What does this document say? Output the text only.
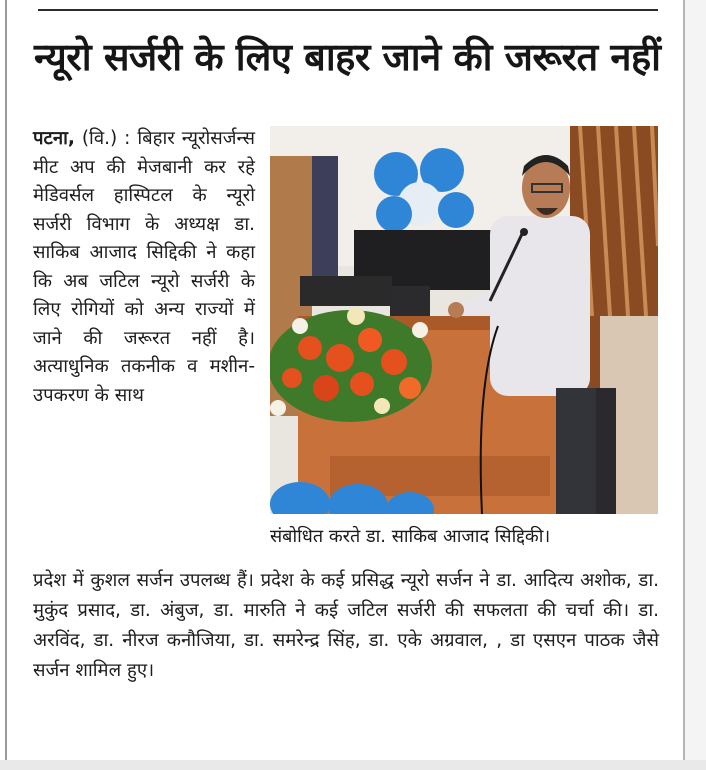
न्यूरो सर्जरी के लिए बाहर जाने की जरूरत नहीं
पटना, (वि.) : बिहार न्यूरोसर्जन्स मीट अप की मेजबानी कर रहे मेडिवर्सल हास्पिटल के न्यूरो सर्जरी विभाग के अध्यक्ष डा. साकिब आजाद सिद्दिकी ने कहा कि अब जटिल न्यूरो सर्जरी के लिए रोगियों को अन्य राज्यों में जाने की जरूरत नहीं है। अत्याधुनिक तकनीक व मशीन-उपकरण के साथ
संबोधित करते डा. साकिब आजाद सिद्दिकी।
प्रदेश में कुशल सर्जन उपलब्ध हैं। प्रदेश के कई प्रसिद्ध न्यूरो सर्जन ने डा. आदित्य अशोक, डा. मुकुंद प्रसाद, डा. अंबुज, डा. मारुति ने कई जटिल सर्जरी की सफलता की चर्चा की। डा. अरविंद, डा. नीरज कनौजिया, डा. समरेन्द्र सिंह, डा. एके अग्रवाल, , डा एसएन पाठक जैसे सर्जन शामिल हुए।
